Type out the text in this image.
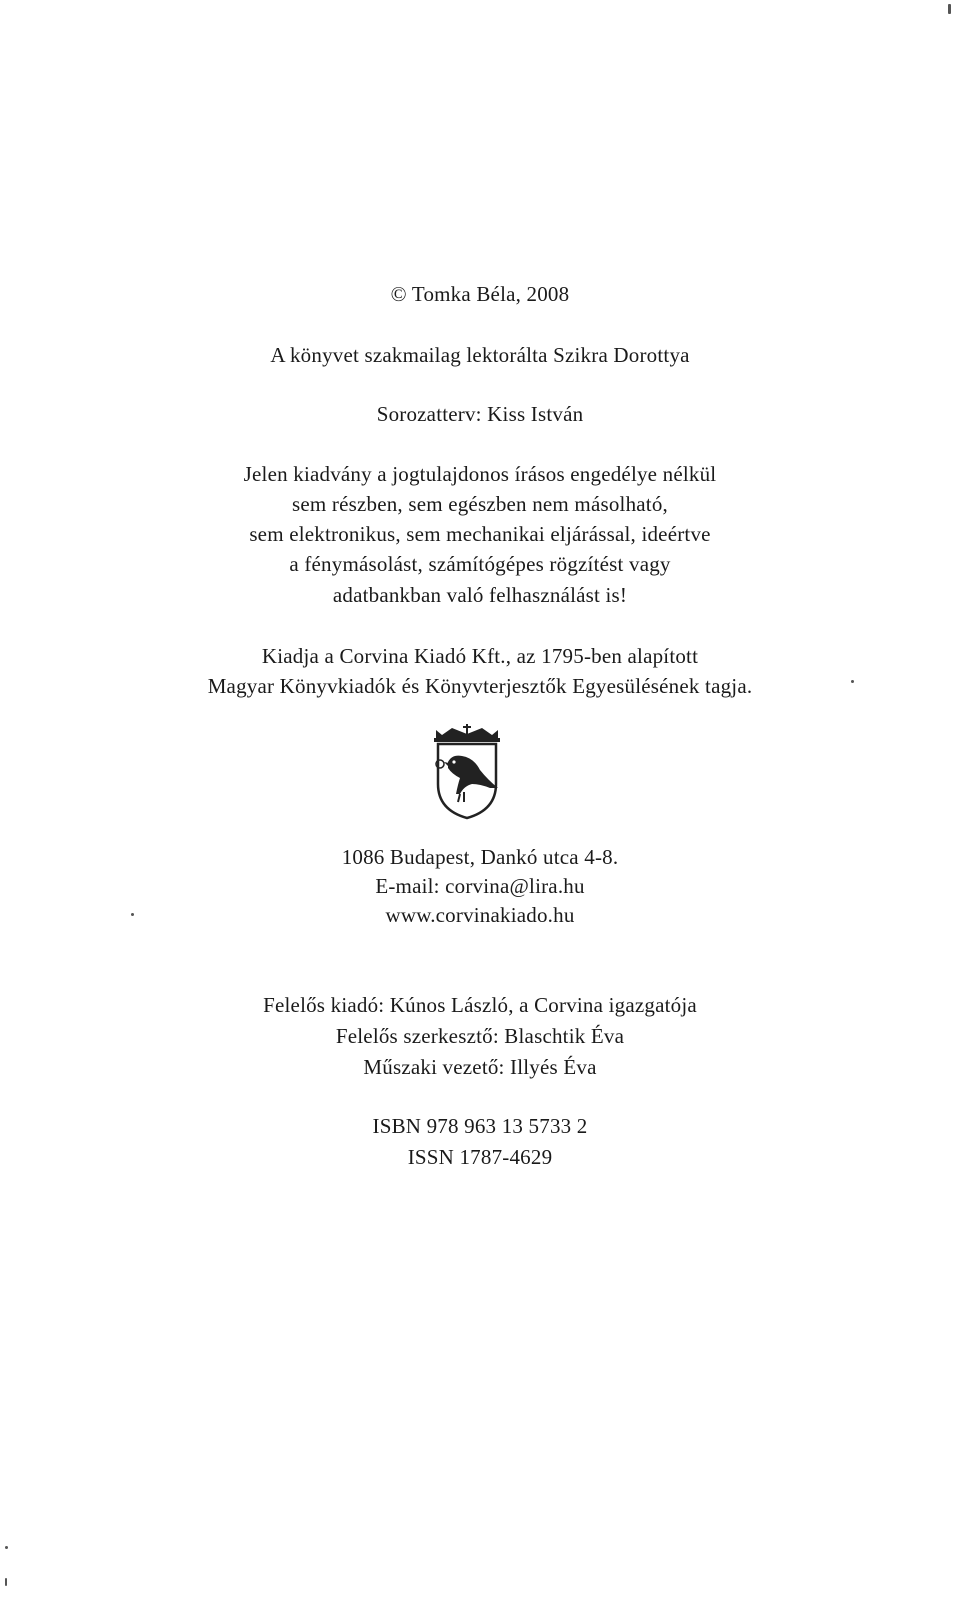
© Tomka Béla, 2008
A könyvet szakmailag lektorálta Szikra Dorottya
Sorozatterv: Kiss István
Jelen kiadvány a jogtulajdonos írásos engedélye nélkül
sem részben, sem egészben nem másolható,
sem elektronikus, sem mechanikai eljárással, ideértve
a fénymásolást, számítógépes rögzítést vagy
adatbankban való felhasználást is!
Kiadja a Corvina Kiadó Kft., az 1795-ben alapított
Magyar Könyvkiadók és Könyvterjesztők Egyesülésének tagja.
1086 Budapest, Dankó utca 4-8.
E-mail: corvina@lira.hu
www.corvinakiado.hu
Felelős kiadó: Kúnos László, a Corvina igazgatója
Felelős szerkesztő: Blaschtik Éva
Műszaki vezető: Illyés Éva
ISBN 978 963 13 5733 2
ISSN 1787-4629
